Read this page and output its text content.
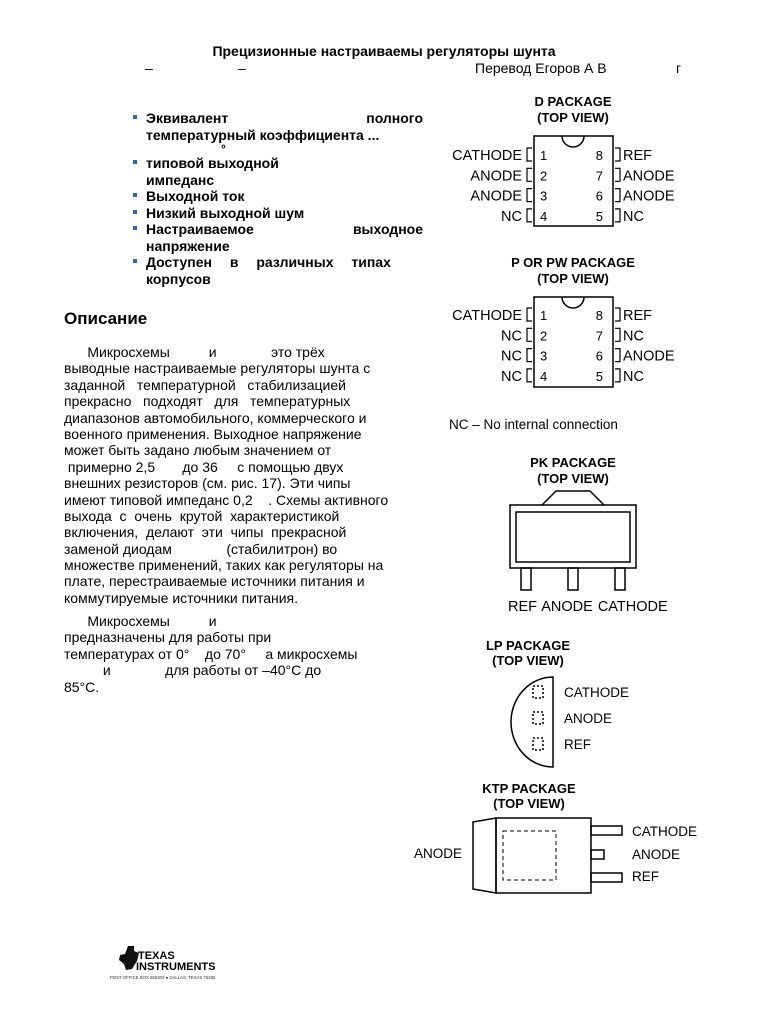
Прецизионные настраиваемы регуляторы шунта
–	–	Перевод Егоров А В	г
Эквивалент	полного
температурный коэффициента ...
°
типовой выходной
импеданс
Выходной ток
Низкий выходной шум
Настраиваемое	выходное
напряжение
Доступен в различных типах
корпусов
Описание
Микросхемы          и              это трёх
выводные настраиваемые регуляторы шунта с
заданной   температурной   стабилизацией
прекрасно   подходят   для   температурных
диапазонов автомобильного, коммерческого и
военного применения. Выходное напряжение
может быть задано любым значением от
примерно 2,5       до 36     с помощью двух
внешних резисторов (см. рис. 17). Эти чипы
имеют типовой импеданс 0,2    . Схемы активного
выхода  с  очень  крутой  характеристикой
включения,  делают  эти  чипы  прекрасной
заменой диодам              (стабилитрон) во
множестве применений, таких как регуляторы на
плате, перестраиваемые источники питания и
коммутируемые источники питания.
Микросхемы          и
предназначены для работы при
температурах от 0°    до 70°     а микросхемы
и              для работы от –40°C до
85°C.
D PACKAGE
(TOP VIEW)
CATHODE 1	8 REF
ANODE 2	7 ANODE
ANODE 3	6 ANODE
NC 4	5 NC
P OR PW PACKAGE
(TOP VIEW)
CATHODE 1	8 REF
NC 2	7 NC
NC 3	6 ANODE
NC 4	5 NC
NC – No internal connection
PK PACKAGE
(TOP VIEW)
REF ANODE CATHODE
LP PACKAGE
(TOP VIEW)
CATHODE
ANODE
REF
KTP PACKAGE
(TOP VIEW)
ANODE
CATHODE
ANODE
REF
TEXAS
INSTRUMENTS
POST OFFICE BOX 655303 ● DALLAS, TEXAS 75265
